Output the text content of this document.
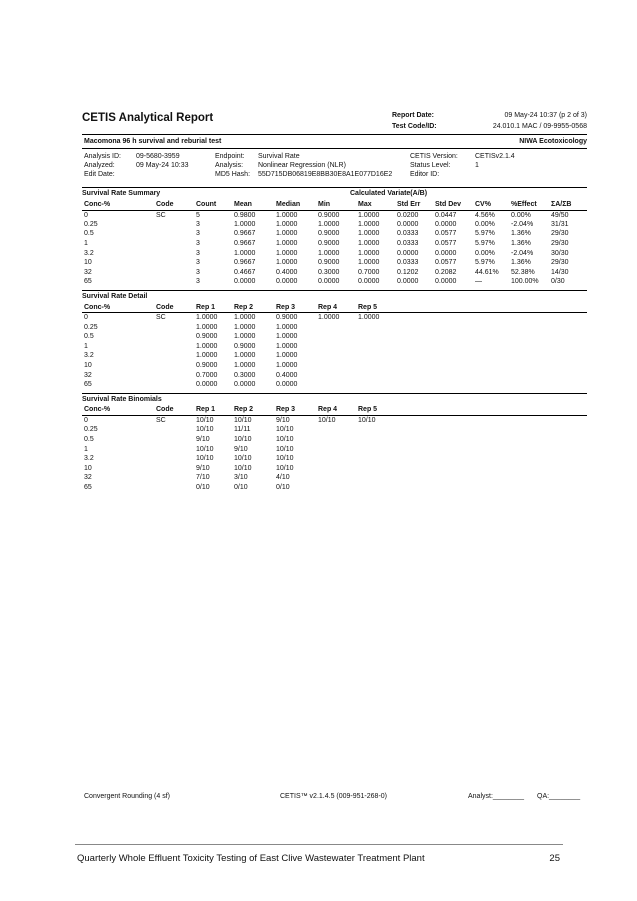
CETIS Analytical Report	Report Date:	09 May-24 10:37 (p 2 of 3)
Test Code/ID:	24.010.1 MAC / 09-9955-0568
Macomona 96 h survival and reburial test	NIWA Ecotoxicology
Analysis ID: 09-5680-3959
Analyzed:	09 May-24 10:33
Edit Date:
Endpoint: Survival Rate
Analysis: Nonlinear Regression (NLR)
MD5 Hash: 55D715DB06819E8BB30E8A1E077D16E2
CETIS Version: CETISv2.1.4
Status Level:	1
Editor ID:
Survival Rate Summary	Calculated Variate(A/B)
Conc-%	Code	Count	Mean	Median	Min	Max	Std Err	Std Dev	CV%	%Effect	ΣA/ΣB
0	SC	5	0.9800	1.0000	0.9000	1.0000	0.0200	0.0447	4.56%	0.00%	49/50
0.25		3	1.0000	1.0000	1.0000	1.0000	0.0000	0.0000	0.00%	-2.04%	31/31
0.5		3	0.9667	1.0000	0.9000	1.0000	0.0333	0.0577	5.97%	1.36%	29/30
1		3	0.9667	1.0000	0.9000	1.0000	0.0333	0.0577	5.97%	1.36%	29/30
3.2		3	1.0000	1.0000	1.0000	1.0000	0.0000	0.0000	0.00%	-2.04%	30/30
10		3	0.9667	1.0000	0.9000	1.0000	0.0333	0.0577	5.97%	1.36%	29/30
32		3	0.4667	0.4000	0.3000	0.7000	0.1202	0.2082	44.61%	52.38%	14/30
65		3	0.0000	0.0000	0.0000	0.0000	0.0000	0.0000	—	100.00%	0/30
Survival Rate Detail
Conc-%	Code	Rep 1	Rep 2	Rep 3	Rep 4	Rep 5	
0	SC	1.0000	1.0000	0.9000	1.0000	1.0000	
0.25		1.0000	1.0000	1.0000			
0.5		0.9000	1.0000	1.0000			
1		1.0000	0.9000	1.0000			
3.2		1.0000	1.0000	1.0000			
10		0.9000	1.0000	1.0000			
32		0.7000	0.3000	0.4000			
65		0.0000	0.0000	0.0000			
Survival Rate Binomials
Conc-%	Code	Rep 1	Rep 2	Rep 3	Rep 4	Rep 5	
0	SC	10/10	10/10	9/10	10/10	10/10	
0.25		10/10	11/11	10/10			
0.5		9/10	10/10	10/10			
1		10/10	9/10	10/10			
3.2		10/10	10/10	10/10			
10		9/10	10/10	10/10			
32		7/10	3/10	4/10			
65		0/10	0/10	0/10			
Convergent Rounding (4 sf)	CETIS™ v2.1.4.5 (009-951-268-0)	Analyst:________ QA:________
Quarterly Whole Effluent Toxicity Testing of East Clive Wastewater Treatment Plant	25
